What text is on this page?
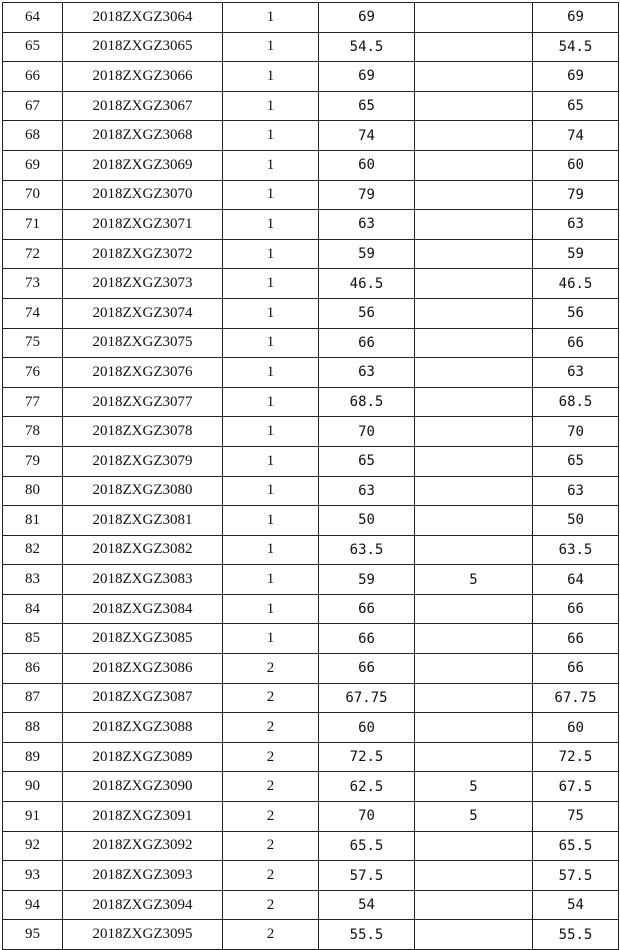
64	2018ZXGZ3064	1	69		69
65	2018ZXGZ3065	1	54.5		54.5
66	2018ZXGZ3066	1	69		69
67	2018ZXGZ3067	1	65		65
68	2018ZXGZ3068	1	74		74
69	2018ZXGZ3069	1	60		60
70	2018ZXGZ3070	1	79		79
71	2018ZXGZ3071	1	63		63
72	2018ZXGZ3072	1	59		59
73	2018ZXGZ3073	1	46.5		46.5
74	2018ZXGZ3074	1	56		56
75	2018ZXGZ3075	1	66		66
76	2018ZXGZ3076	1	63		63
77	2018ZXGZ3077	1	68.5		68.5
78	2018ZXGZ3078	1	70		70
79	2018ZXGZ3079	1	65		65
80	2018ZXGZ3080	1	63		63
81	2018ZXGZ3081	1	50		50
82	2018ZXGZ3082	1	63.5		63.5
83	2018ZXGZ3083	1	59	5	64
84	2018ZXGZ3084	1	66		66
85	2018ZXGZ3085	1	66		66
86	2018ZXGZ3086	2	66		66
87	2018ZXGZ3087	2	67.75		67.75
88	2018ZXGZ3088	2	60		60
89	2018ZXGZ3089	2	72.5		72.5
90	2018ZXGZ3090	2	62.5	5	67.5
91	2018ZXGZ3091	2	70	5	75
92	2018ZXGZ3092	2	65.5		65.5
93	2018ZXGZ3093	2	57.5		57.5
94	2018ZXGZ3094	2	54		54
95	2018ZXGZ3095	2	55.5		55.5
